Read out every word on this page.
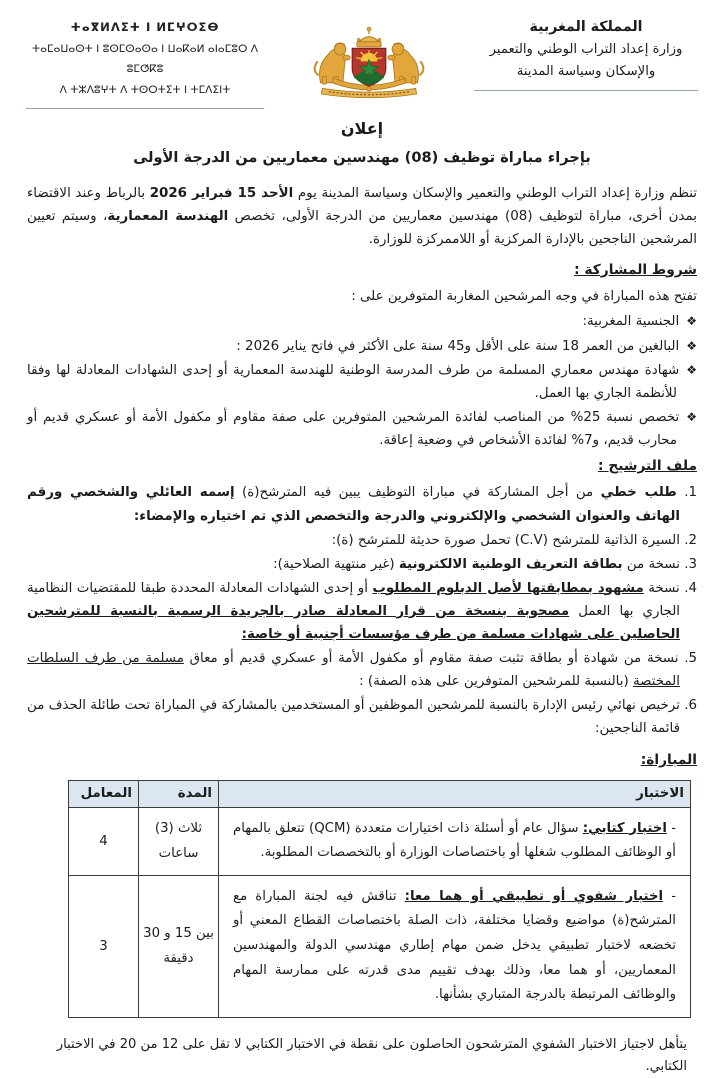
المملكة المغربية
وزارة إعداد التراب الوطني والتعمير
والإسكان وسياسة المدينة
ⵜⴰⴳⵍⴷⵉⵜ ⵏ ⵍⵎⵖⵔⵉⴱ
ⵜⴰⵎⴰⵡⴰⵙⵜ ⵏ ⵓⵙⵎⵙⴰⵙⴰ ⵏ ⵡⴰⴽⴰⵍ ⴰⵏⴰⵎⵓⵔ ⴷ ⵓⵎⵚⴽⵓ
ⴷ ⵜⵣⴷⵓⵖⵜ ⴷ ⵜⵙⵔⵜⵉⵜ ⵏ ⵜⵎⴷⵉⵏⵜ
إعلان
بإجراء مباراة توظيف (08) مهندسين معماريين من الدرجة الأولى

تنظم وزارة إعداد التراب الوطني والتعمير والإسكان وسياسة المدينة يوم الأحد 15 فبراير 2026 بالرباط وعند الاقتضاء بمدن أخرى، مباراة لتوظيف (08) مهندسين معماريين من الدرجة الأولى، تخصص الهندسة المعمارية، وسيتم تعيين المرشحين الناجحين بالإدارة المركزية أو اللاممركزة للوزارة.

شروط المشاركة :
تفتح هذه المباراة في وجه المرشحين المغاربة المتوفرين على :
❖الجنسية المغربية:
❖البالغين من العمر 18 سنة على الأقل و45 سنة على الأكثر في فاتح يناير 2026 :
❖شهادة مهندس معماري المسلمة من طرف المدرسة الوطنية للهندسة المعمارية أو إحدى الشهادات المعادلة لها وفقا للأنظمة الجاري بها العمل.
❖تخصص نسبة 25% من المناصب لفائدة المرشحين المتوفرين على صفة مقاوم أو مكفول الأمة أو عسكري قديم أو محارب قديم، و7% لفائدة الأشخاص في وضعية إعاقة.
ملف الترشيح :
1. طلب خطي من أجل المشاركة في مباراة التوظيف يبين فيه المترشح(ة) إسمه العائلي والشخصي ورقم الهاتف والعنوان الشخصي والإلكتروني والدرجة والتخصص الذي تم اختياره والإمضاء:
2. السيرة الذاتية للمترشح (C.V) تحمل صورة حديثة للمترشح (ة):
3. نسخة من بطاقة التعريف الوطنية الالكترونية (غير منتهية الصلاحية):
4. نسخة مشهود بمطابقتها لأصل الدبلوم المطلوب أو إحدى الشهادات المعادلة المحددة طبقا للمقتضيات النظامية الجاري بها العمل مصحوبة بنسخة من قرار المعادلة صادر بالجريدة الرسمية بالنسبة للمترشحين الحاصلين على شهادات مسلمة من طرف مؤسسات أجنبية أو خاصة:
5. نسخة من شهادة أو بطاقة تثبت صفة مقاوم أو مكفول الأمة أو عسكري قديم أو معاق مسلمة من طرف السلطات المختصة (بالنسبة للمرشحين المتوفرين على هذه الصفة) :
6. ترخيص نهائي رئيس الإدارة بالنسبة للمرشحين الموظفين أو المستخدمين بالمشاركة في المباراة تحت طائلة الحذف من قائمة الناجحين:
المباراة:
الاختبار	المدة	المعامل
- اختبار كتابي: سؤال عام أو أسئلة ذات اختيارات متعددة (QCM) تتعلق بالمهام أو الوظائف المطلوب شغلها أو باختصاصات الوزارة أو بالتخصصات المطلوبة.	ثلاث (3) ساعات	4
- اختبار شفوي أو تطبيقي أو هما معا: تناقش فيه لجنة المباراة مع المترشح(ة) مواضيع وقضايا مختلفة، ذات الصلة باختصاصات القطاع المعني أو تخضعه لاختبار تطبيقي يدخل ضمن مهام إطاري مهندسي الدولة والمهندسين المعماريين، أو هما معا، وذلك بهدف تقييم مدى قدرته على ممارسة المهام والوظائف المرتبطة بالدرجة المتباري بشأنها.	بين 15 و 30 دقيقة	3
يتأهل لاجتياز الاختبار الشفوي المترشحون الحاصلون على نقطة في الاختبار الكتابي لا تقل على 12 من 20 في الاختبار الكتابي.
